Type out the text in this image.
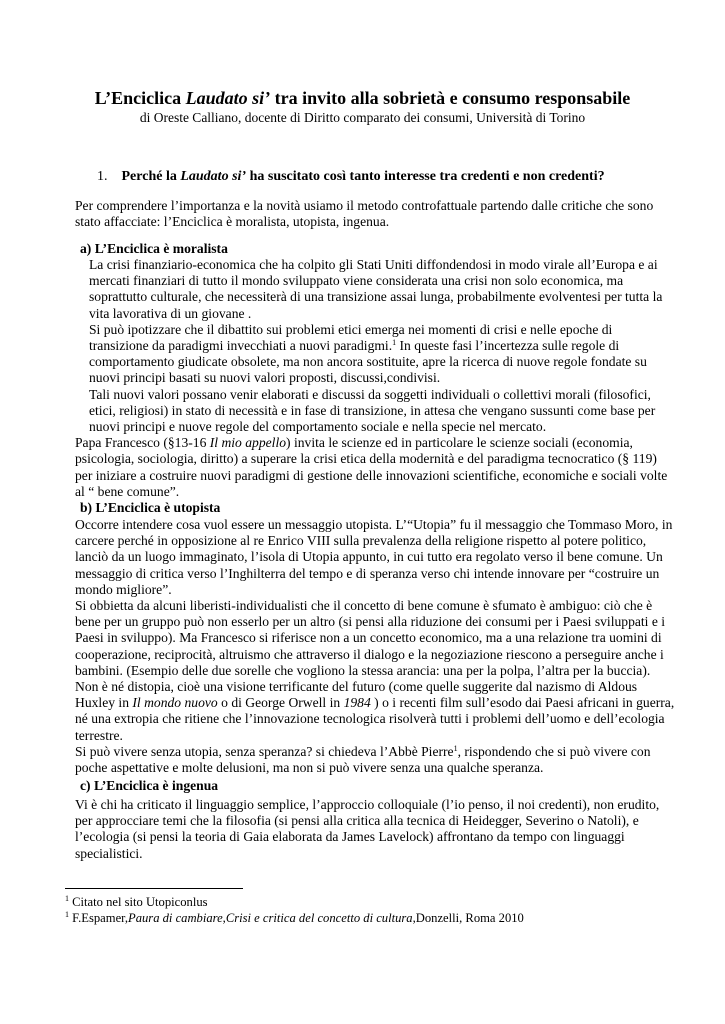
L’Enciclica Laudato si’ tra invito alla sobrietà e consumo responsabile
di Oreste Calliano, docente di Diritto comparato dei consumi, Università di Torino
1. Perché la Laudato si’ ha suscitato così tanto interesse tra credenti e non credenti?

Per comprendere l’importanza e la novità usiamo il metodo controfattuale partendo dalle critiche che sono stato affacciate: l’Enciclica è moralista, utopista, ingenua.

a) L’Enciclica è moralista

La crisi finanziario-economica che ha colpito gli Stati Uniti diffondendosi in modo virale all’Europa e ai mercati finanziari di tutto il mondo sviluppato viene considerata una crisi non solo economica, ma soprattutto culturale, che necessiterà di una transizione assai lunga, probabilmente evolventesi per tutta la vita lavorativa di un giovane .

Si può ipotizzare che il dibattito sui problemi etici emerga nei momenti di crisi e nelle epoche di transizione da paradigmi invecchiati a nuovi paradigmi.$^1$ In queste fasi l’incertezza sulle regole di comportamento giudicate obsolete, ma non ancora sostituite, apre la ricerca di nuove regole fondate su nuovi principi basati su nuovi valori proposti, discussi,condivisi.

Tali nuovi valori possano venir elaborati e discussi da soggetti individuali o collettivi morali (filosofici, etici, religiosi) in stato di necessità e in fase di transizione, in attesa che vengano sussunti come base per nuovi principi e nuove regole del comportamento sociale e nella specie nel mercato.

Papa Francesco (§13-16 Il mio appello) invita le scienze ed in particolare le scienze sociali (economia, psicologia, sociologia, diritto) a superare la crisi etica della modernità e del paradigma tecnocratico (§ 119) per iniziare a costruire nuovi paradigmi di gestione delle innovazioni scientifiche, economiche e sociali volte al “ bene comune”.

b) L’Enciclica è utopista

Occorre intendere cosa vuol essere un messaggio utopista. L’“Utopia” fu il messaggio che Tommaso Moro, in carcere perché in opposizione al re Enrico VIII sulla prevalenza della religione rispetto al potere politico, lanciò da un luogo immaginato, l’isola di Utopia appunto, in cui tutto era regolato verso il bene comune. Un messaggio di critica verso l’Inghilterra del tempo e di speranza verso chi intende innovare per “costruire un mondo migliore”.

Si obbietta da alcuni liberisti-individualisti che il concetto di bene comune è sfumato è ambiguo: ciò che è bene per un gruppo può non esserlo per un altro (si pensi alla riduzione dei consumi per i Paesi sviluppati e i Paesi in sviluppo). Ma Francesco si riferisce non a un concetto economico, ma a una relazione tra uomini di cooperazione, reciprocità, altruismo che attraverso il dialogo e la negoziazione riescono a perseguire anche i bambini. (Esempio delle due sorelle che vogliono la stessa arancia: una per la polpa, l’altra per la buccia).

Non è né distopia, cioè una visione terrificante del futuro (come quelle suggerite dal nazismo di Aldous Huxley in Il mondo nuovo o di George Orwell in 1984 ) o i recenti film sull’esodo dai Paesi africani in guerra, né una extropia che ritiene che l’innovazione tecnologica risolverà tutti i problemi dell’uomo e dell’ecologia terrestre.

Si può vivere senza utopia, senza speranza? si chiedeva l’Abbè Pierre$^1$, rispondendo che si può vivere con poche aspettative e molte delusioni, ma non si può vivere senza una qualche speranza.

c) L’Enciclica è ingenua

Vi è chi ha criticato il linguaggio semplice, l’approccio colloquiale (l’io penso, il noi credenti), non erudito, per approcciare temi che la filosofia (si pensi alla critica alla tecnica di Heidegger, Severino o Natoli), e l’ecologia (si pensi la teoria di Gaia elaborata da James Lavelock) affrontano da tempo con linguaggi specialistici.

$^1$ Citato nel sito Utopiconlus
$^1$ F.Espamer,Paura di cambiare,Crisi e critica del concetto di cultura,Donzelli, Roma 2010
